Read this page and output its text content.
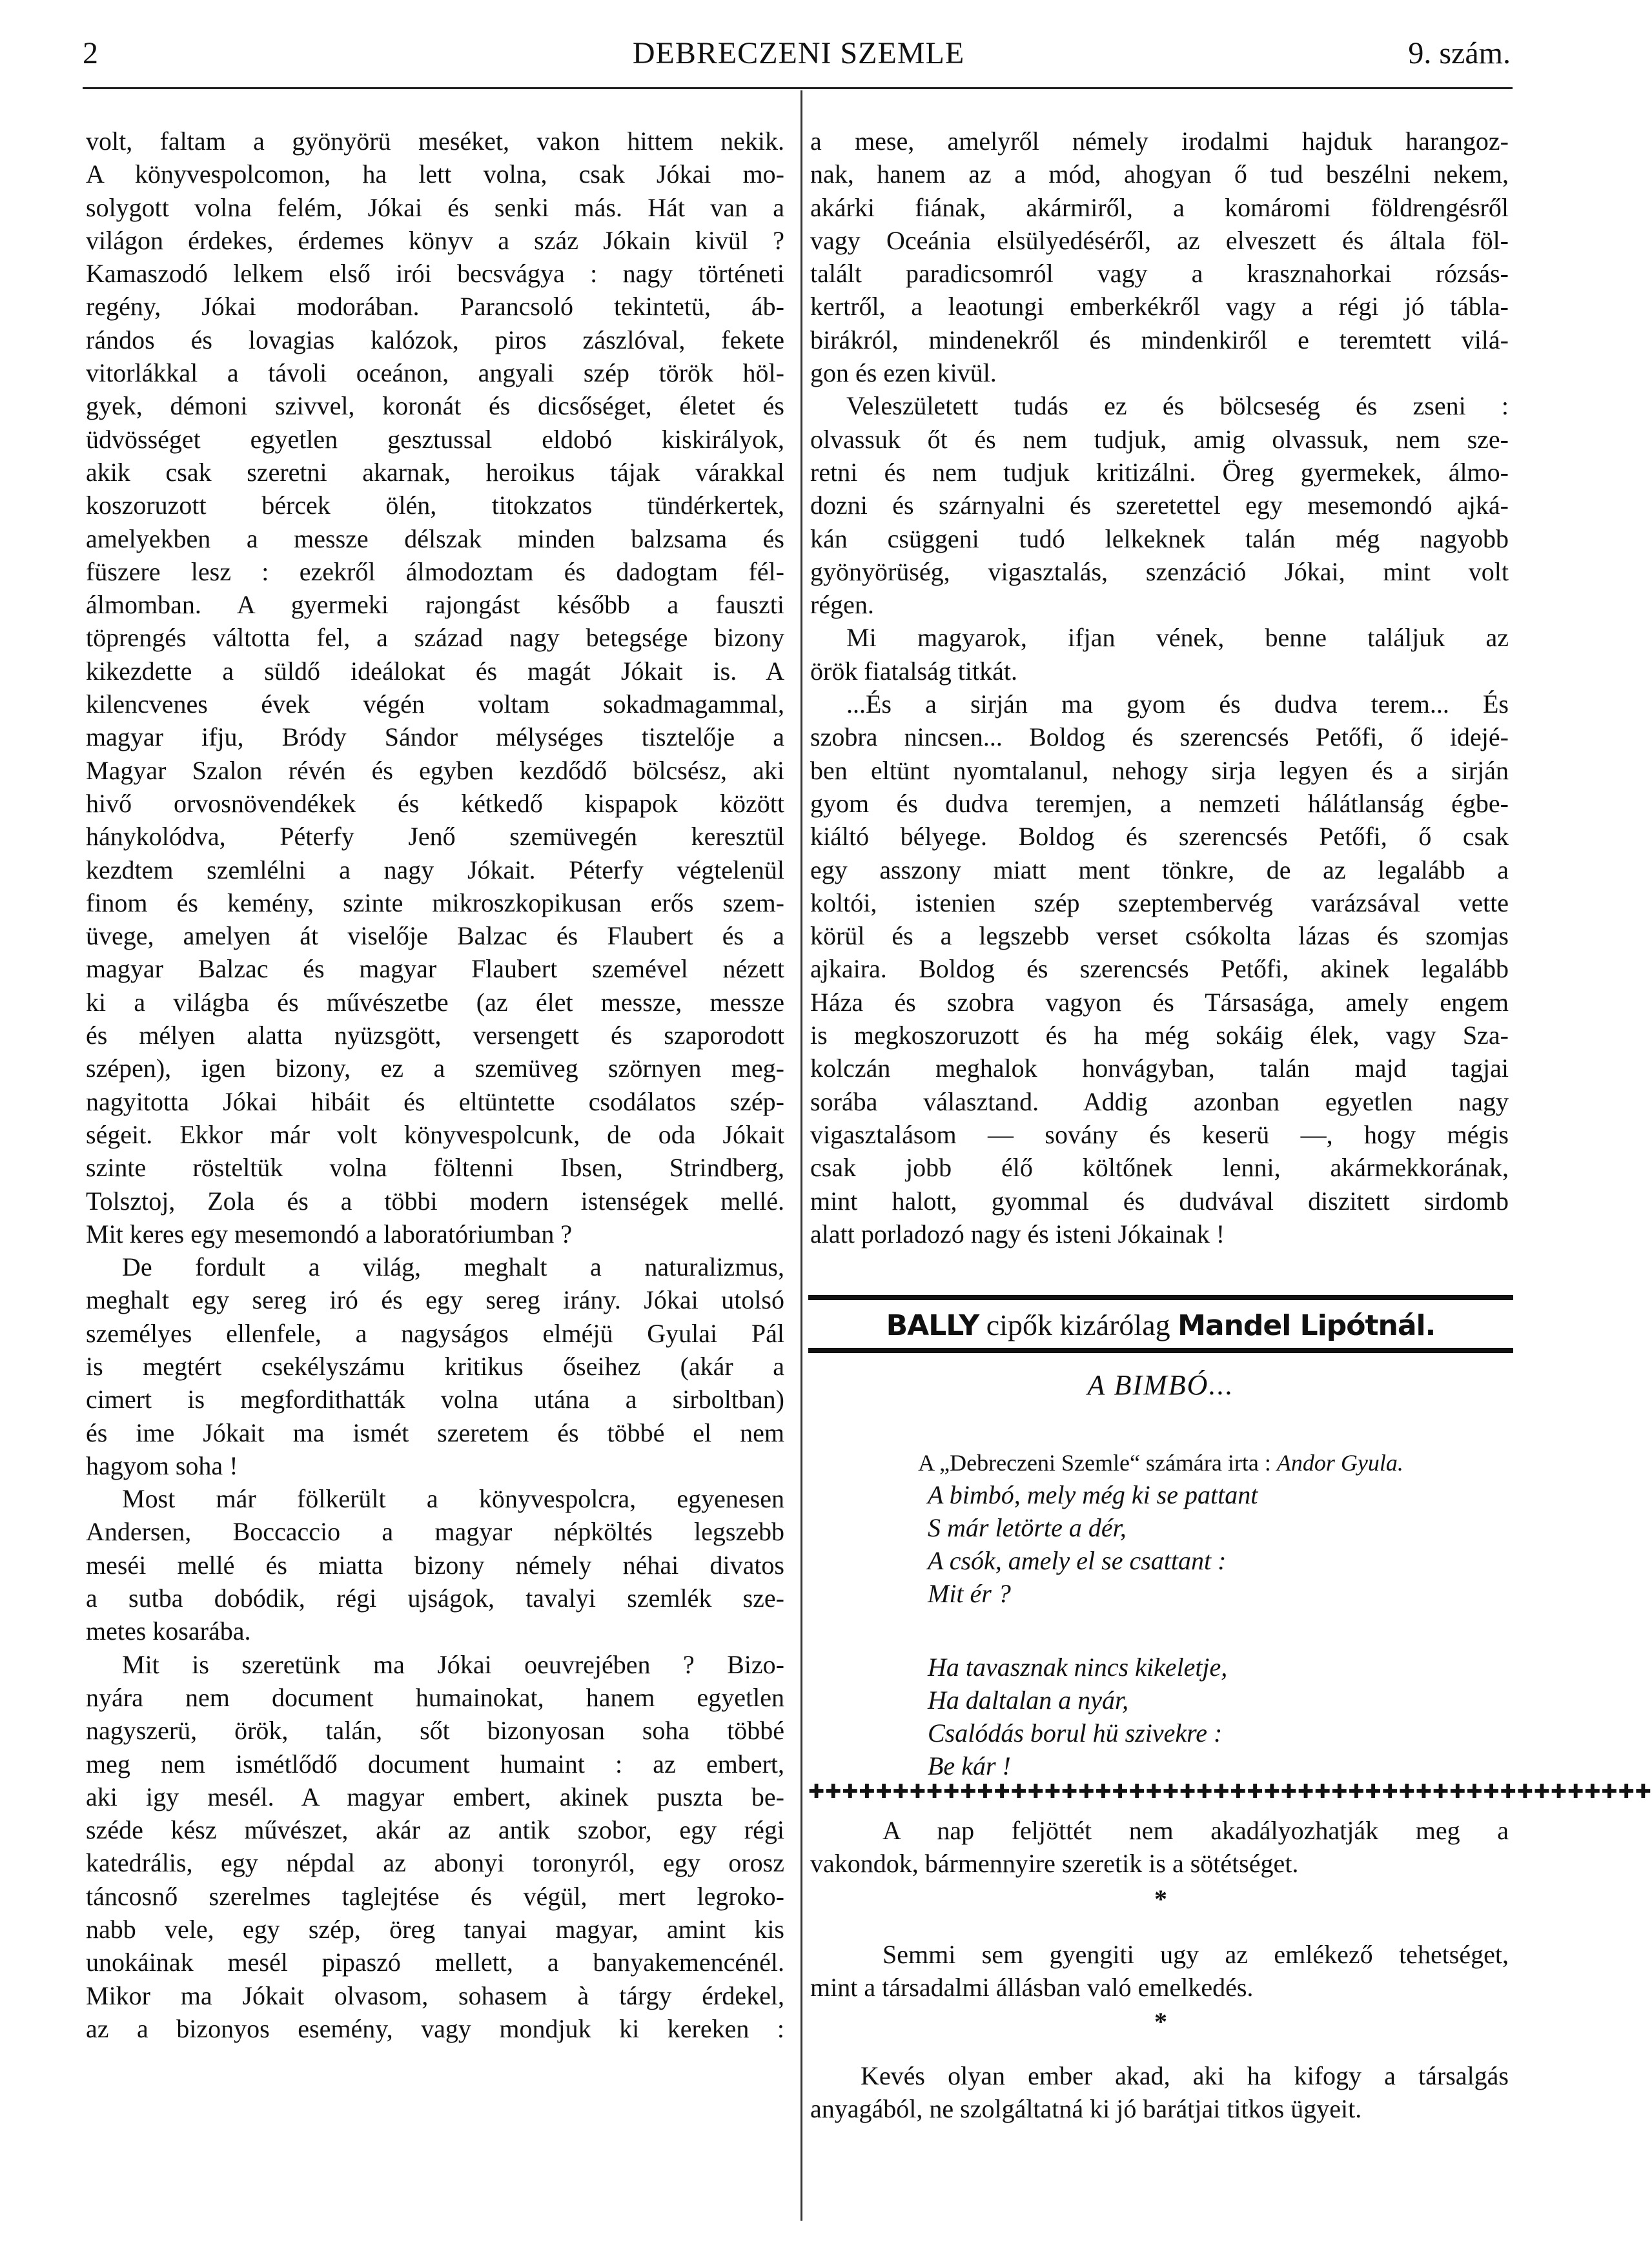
2	DEBRECZENI SZEMLE	9. szám.
volt, faltam a gyönyörü meséket, vakon hittem nekik.
A könyvespolcomon, ha lett volna, csak Jókai mo-
solygott volna felém, Jókai és senki más. Hát van a
világon érdekes, érdemes könyv a száz Jókain kivül ?
Kamaszodó lelkem első irói becsvágya : nagy történeti
regény, Jókai modorában. Parancsoló tekintetü, áb-
rándos és lovagias kalózok, piros zászlóval, fekete
vitorlákkal a távoli oceánon, angyali szép török höl-
gyek, démoni szivvel, koronát és dicsőséget, életet és
üdvösséget egyetlen gesztussal eldobó kiskirályok,
akik csak szeretni akarnak, heroikus tájak várakkal
koszoruzott bércek ölén, titokzatos tündérkertek,
amelyekben a messze délszak minden balzsama és
füszere lesz : ezekről álmodoztam és dadogtam fél-
álmomban. A gyermeki rajongást később a fauszti
töprengés váltotta fel, a század nagy betegsége bizony
kikezdette a süldő ideálokat és magát Jókait is. A
kilencvenes évek végén voltam sokadmagammal,
magyar ifju, Bródy Sándor mélységes tisztelője a
Magyar Szalon révén és egyben kezdődő bölcsész, aki
hivő orvosnövendékek és kétkedő kispapok között
hánykolódva, Péterfy Jenő szemüvegén keresztül
kezdtem szemlélni a nagy Jókait. Péterfy végtelenül
finom és kemény, szinte mikroszkopikusan erős szem-
üvege, amelyen át viselője Balzac és Flaubert és a
magyar Balzac és magyar Flaubert szemével nézett
ki a világba és művészetbe (az élet messze, messze
és mélyen alatta nyüzsgött, versengett és szaporodott
szépen), igen bizony, ez a szemüveg szörnyen meg-
nagyitotta Jókai hibáit és eltüntette csodálatos szép-
ségeit. Ekkor már volt könyvespolcunk, de oda Jókait
szinte rösteltük volna föltenni Ibsen, Strindberg,
Tolsztoj, Zola és a többi modern istenségek mellé.
Mit keres egy mesemondó a laboratóriumban ?
De fordult a világ, meghalt a naturalizmus,
meghalt egy sereg iró és egy sereg irány. Jókai utolsó
személyes ellenfele, a nagyságos elméjü Gyulai Pál
is megtért csekélyszámu kritikus őseihez (akár a
cimert is megfordithatták volna utána a sirboltban)
és ime Jókait ma ismét szeretem és többé el nem
hagyom soha !
Most már fölkerült a könyvespolcra, egyenesen
Andersen, Boccaccio a magyar népköltés legszebb
meséi mellé és miatta bizony némely néhai divatos
a sutba dobódik, régi ujságok, tavalyi szemlék sze-
metes kosarába.
Mit is szeretünk ma Jókai oeuvrejében ? Bizo-
nyára nem document humainokat, hanem egyetlen
nagyszerü, örök, talán, sőt bizonyosan soha többé
meg nem ismétlődő document humaint : az embert,
aki igy mesél. A magyar embert, akinek puszta be-
széde kész művészet, akár az antik szobor, egy régi
katedrális, egy népdal az abonyi toronyról, egy orosz
táncosnő szerelmes taglejtése és végül, mert legroko-
nabb vele, egy szép, öreg tanyai magyar, amint kis
unokáinak mesél pipaszó mellett, a banyakemencénél.
Mikor ma Jókait olvasom, sohasem à tárgy érdekel,
az a bizonyos esemény, vagy mondjuk ki kereken :
a mese, amelyről némely irodalmi hajduk harangoz-
nak, hanem az a mód, ahogyan ő tud beszélni nekem,
akárki fiának, akármiről, a komáromi földrengésről
vagy Oceánia elsülyedéséről, az elveszett és általa föl-
talált paradicsomról vagy a krasznahorkai rózsás-
kertről, a leaotungi emberkékről vagy a régi jó tábla-
birákról, mindenekről és mindenkiről e teremtett vilá-
gon és ezen kivül.
Veleszületett tudás ez és bölcseség és zseni :
olvassuk őt és nem tudjuk, amig olvassuk, nem sze-
retni és nem tudjuk kritizálni. Öreg gyermekek, álmo-
dozni és szárnyalni és szeretettel egy mesemondó ajká-
kán csüggeni tudó lelkeknek talán még nagyobb
gyönyörüség, vigasztalás, szenzáció Jókai, mint volt
régen.
Mi magyarok, ifjan vének, benne találjuk az
örök fiatalság titkát.
...És a sirján ma gyom és dudva terem... És
szobra nincsen... Boldog és szerencsés Petőfi, ő idejé-
ben eltünt nyomtalanul, nehogy sirja legyen és a sirján
gyom és dudva teremjen, a nemzeti hálátlanság égbe-
kiáltó bélyege. Boldog és szerencsés Petőfi, ő csak
egy asszony miatt ment tönkre, de az legalább a
koltói, istenien szép szeptembervég varázsával vette
körül és a legszebb verset csókolta lázas és szomjas
ajkaira. Boldog és szerencsés Petőfi, akinek legalább
Háza és szobra vagyon és Társasága, amely engem
is megkoszoruzott és ha még sokáig élek, vagy Sza-
kolczán meghalok honvágyban, talán majd tagjai
sorába választand. Addig azonban egyetlen nagy
vigasztalásom — sovány és keserü —, hogy mégis
csak jobb élő költőnek lenni, akármekkorának,
mint halott, gyommal és dudvával diszitett sirdomb
alatt porladozó nagy és isteni Jókainak !
BALLY cipők kizárólag Mandel Lipótnál.
A BIMBÓ...
A „Debreczeni Szemle“ számára irta : Andor Gyula.
A bimbó, mely még ki se pattant
S már letörte a dér,
A csók, amely el se csattant :
Mit ér ?
Ha tavasznak nincs kikeletje,
Ha daltalan a nyár,
Csalódás borul hü szivekre :
Be kár !
✚✚✚✚✚✚✚✚✚✚✚✚✚✚✚✚✚✚✚✚✚✚✚✚✚✚✚✚✚✚✚✚✚✚✚✚✚✚✚✚✚✚✚✚✚✚✚✚✚✚
A nap feljöttét nem akadályozhatják meg a
vakondok, bármennyire szeretik is a sötétséget.
*
Semmi sem gyengiti ugy az emlékező tehetséget,
mint a társadalmi állásban való emelkedés.
*
Kevés olyan ember akad, aki ha kifogy a társalgás
anyagából, ne szolgáltatná ki jó barátjai titkos ügyeit.
